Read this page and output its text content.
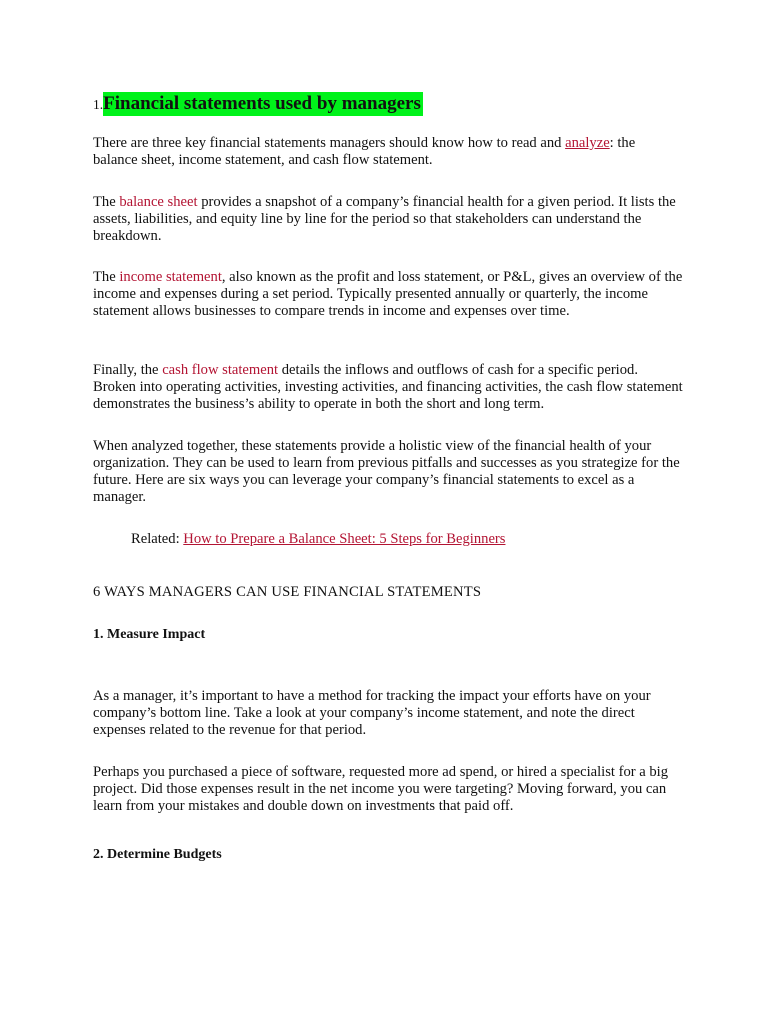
1.Financial statements used by managers

There are three key financial statements managers should know how to read and analyze: the balance sheet, income statement, and cash flow statement.

The balance sheet provides a snapshot of a company’s financial health for a given period. It lists the assets, liabilities, and equity line by line for the period so that stakeholders can understand the breakdown.

The income statement, also known as the profit and loss statement, or P&L, gives an overview of the income and expenses during a set period. Typically presented annually or quarterly, the income statement allows businesses to compare trends in income and expenses over time.

Finally, the cash flow statement details the inflows and outflows of cash for a specific period. Broken into operating activities, investing activities, and financing activities, the cash flow statement demonstrates the business’s ability to operate in both the short and long term.

When analyzed together, these statements provide a holistic view of the financial health of your organization. They can be used to learn from previous pitfalls and successes as you strategize for the future. Here are six ways you can leverage your company’s financial statements to excel as a manager.

Related: How to Prepare a Balance Sheet: 5 Steps for Beginners
6 WAYS MANAGERS CAN USE FINANCIAL STATEMENTS
1. Measure Impact

As a manager, it’s important to have a method for tracking the impact your efforts have on your company’s bottom line. Take a look at your company’s income statement, and note the direct expenses related to the revenue for that period.

Perhaps you purchased a piece of software, requested more ad spend, or hired a specialist for a big project. Did those expenses result in the net income you were targeting? Moving forward, you can learn from your mistakes and double down on investments that paid off.

2. Determine Budgets
